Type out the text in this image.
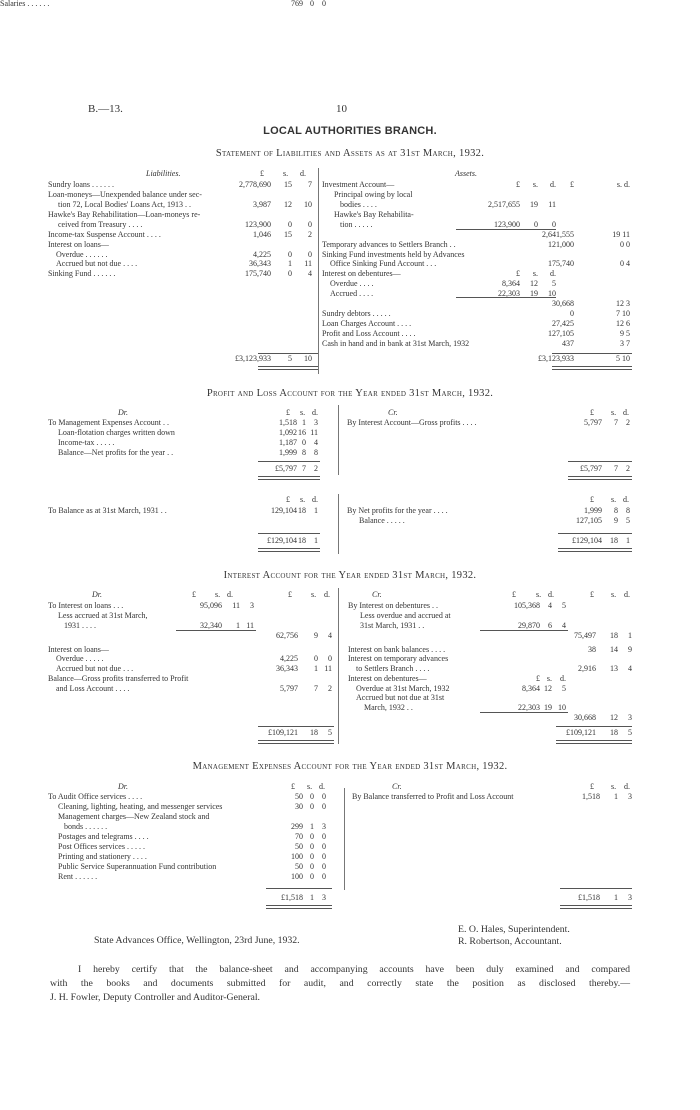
B.—13.	10
LOCAL AUTHORITIES BRANCH.
Statement of Liabilities and Assets as at 31st March, 1932.
Liabilities.	Assets.
£ s. d.
Sundry loans . . . . . .	2,778,690	15	7
Loan-moneys—Unexpended balance under sec-
tion 72, Local Bodies' Loans Act, 1913 . .	3,987	12	10
Hawke's Bay Rehabilitation—Loan-moneys re-
ceived from Treasury . . . .	123,900	0	0
Income-tax Suspense Account . . . .	1,046	15	2
Interest on loans—
Overdue . . . . . .	4,225	0	0
Accrued but not due . . . .	36,343	1	11
Sinking Fund . . . . . .	175,740	0	4
£3,123,933	5	10
Investment Account—	£	s.	d.	£	s. d.
Principal owing by local
bodies . . . .	2,517,655	19	11
Hawke's Bay Rehabilita-
tion . . . . .	123,900	0	0
2,641,555	19 11
Temporary advances to Settlers Branch . .	121,000	0 0
Sinking Fund investments held by Advances
Office Sinking Fund Account . . .	175,740	0 4
Interest on debentures—	£	s.	d.
Overdue . . . .	8,364	12	5
Accrued . . . .	22,303	19	10
30,668	12 3
Sundry debtors . . . . .	0	7 10
Loan Charges Account . . . .	27,425	12 6
Profit and Loss Account . . . .	127,105	9 5
Cash in hand and in bank at 31st March, 1932	437	3 7
£3,123,933	5 10
Profit and Loss Account for the Year ended 31st March, 1932.
Dr.	Cr.
£ s. d.	£ s. d.
To Management Expenses Account . .	1,518 1	3
Loan-flotation charges written down	1,092 16 11
Income-tax . . . . .	1,187 0	4
Balance—Net profits for the year . .	1,999 8	8
By Interest Account—Gross profits . . . .	5,797	7	2
£5,797 7	2	£5,797	7	2
£ s. d.	£ s. d.
To Balance as at 31st March, 1931 . .	129,104 18	1	By Net profits for the year . . . .	1,999	8	8
Balance . . . . .	127,105	9	5
£129,104 18	1	£129,104	18	1
Interest Account for the Year ended 31st March, 1932.
Dr.	Cr.
£ s. d.	£ s. d.	£	s. d.	£ s. d.
To Interest on loans . . .	95,096	11	3
Less accrued at 31st March,
1931 . . . .	32,340	1 11
62,756	9	4
Interest on loans—
Overdue . . . . .	4,225	0	0
Accrued but not due . . .	36,343	1 11
Balance—Gross profits transferred to Profit
and Loss Account . . . .	5,797	7	2
By Interest on debentures . .	105,368	4	5
Less overdue and accrued at
31st March, 1931 . .	29,870	6	4
75,497	18	1
Interest on bank balances . . . .	38	14	9
Interest on temporary advances
to Settlers Branch . . . .	2,916	13	4
Interest on debentures—	£ s.	d.
Overdue at 31st March, 1932	8,364 12	5
Accrued but not due at 31st
March, 1932 . .	22,303 19 10
30,668	12	3
£109,121	18	5	£109,121	18	5
Management Expenses Account for the Year ended 31st March, 1932.
Dr.	Cr.
£ s. d.	£ s. d.
To Audit Office services . . . .	50 0	0
Cleaning, lighting, heating, and messenger services	30 0	0
Management charges—New Zealand stock and
bonds . . . . . .	299 1	3
Postages and telegrams . . . .	70 0	0
Post Offices services . . . . .	50 0	0
Printing and stationery . . . .	100 0	0
Public Service Superannuation Fund contribution	50 0	0
Rent . . . . . .	100 0	0
Salaries . . . . . .	769 0	0
By Balance transferred to Profit and Loss Account	1,518	1	3
£1,518 1	3	£1,518	1	3
E. O. Hales, Superintendent.
State Advances Office, Wellington, 23rd June, 1932.	R. Robertson, Accountant.
I hereby certify that the balance-sheet and accompanying accounts have been duly examined and compared
with the books and documents submitted for audit, and correctly state the position as disclosed thereby.—
J. H. Fowler, Deputy Controller and Auditor-General.
